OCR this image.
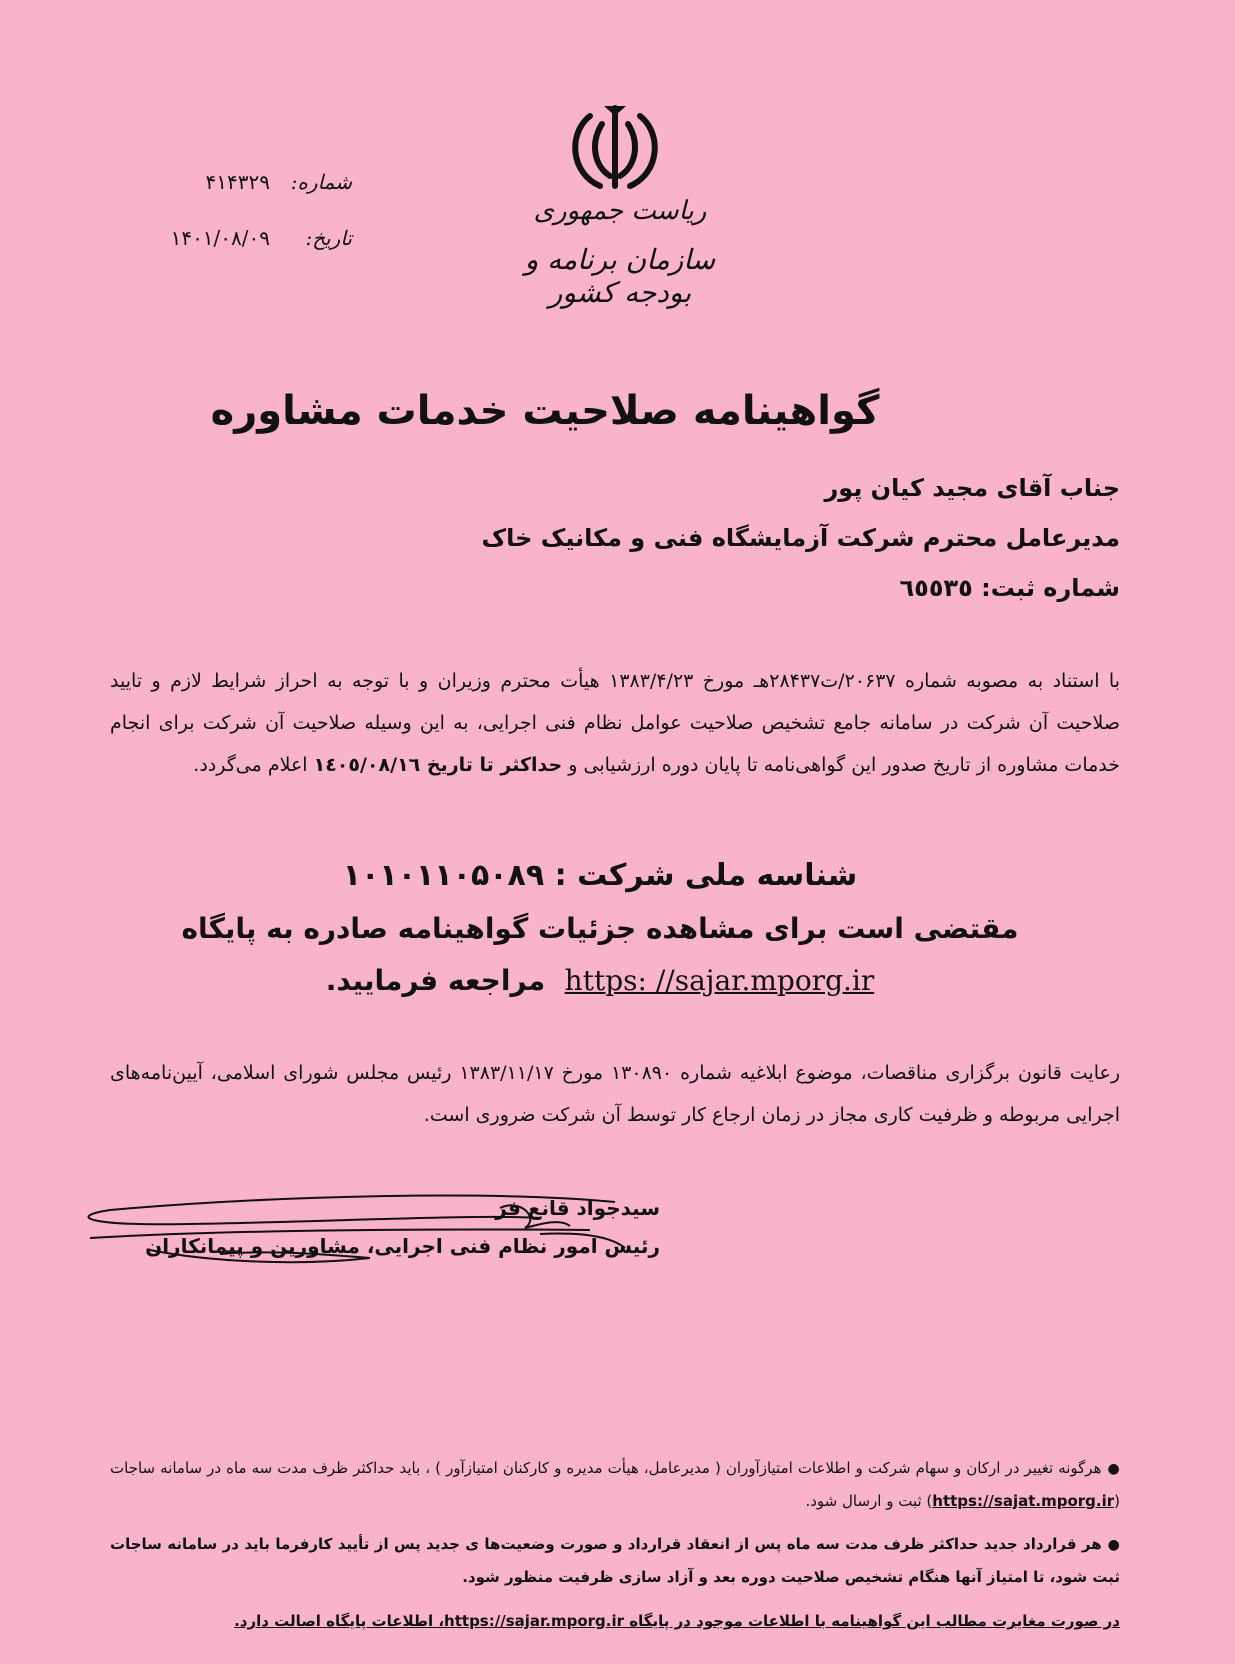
ریاست جمهوری
سازمان برنامه و بودجه کشور
شماره:
۴۱۴۳۲۹
تاریخ:
۱۴۰۱/۰۸/۰۹
گواهینامه صلاحیت خدمات مشاوره
جناب آقای مجید کیان پور
مدیرعامل محترم شرکت آزمایشگاه فنی و مکانیک خاک
شماره ثبت: ٦٥٥٣٥
با استناد به مصوبه شماره ۲۰۶۳۷/ت۲۸۴۳۷هـ مورخ ۱۳۸۳/۴/۲۳ هیأت محترم وزیران و با توجه به احراز شرایط لازم و تایید صلاحیت آن شرکت در سامانه جامع تشخیص صلاحیت عوامل نظام فنی اجرایی، به این وسیله صلاحیت آن شرکت برای انجام خدمات مشاوره از تاریخ صدور این گواهی‌نامه تا پایان دوره ارزشیابی و حداکثر تا تاریخ ١٤٠٥/٠٨/١٦ اعلام می‌گردد.
شناسه ملی شرکت : ۱۰۱۰۱۱۰۵۰۸۹
مقتضی است برای مشاهده جزئیات گواهینامه صادره به پایگاه
https: //sajar.mporg.ir  مراجعه فرمایید.
رعایت قانون برگزاری مناقصات، موضوع ابلاغیه شماره ۱۳۰۸۹۰ مورخ ۱۳۸۳/۱۱/۱۷ رئیس مجلس شورای اسلامی، آیین‌نامه‌های اجرایی مربوطه و ظرفیت کاری مجاز در زمان ارجاع کار توسط آن شرکت ضروری است.
سیدجواد قانع فر
رئیس امور نظام فنی اجرایی، مشاورین و پیمانکاران
●هرگونه تغییر در ارکان و سهام شرکت و اطلاعات امتیازآوران ( مدیرعامل، هیأت مدیره و کارکنان امتیازآور ) ، باید حداکثر ظرف مدت سه ماه در سامانه ساجات (https://sajat.mporg.ir) ثبت و ارسال شود.
●هر قرارداد جدید حداکثر ظرف مدت سه ماه پس از انعقاد قرارداد و صورت وضعیت‌ها ی جدید پس از تأیید کارفرما باید در سامانه ساجات ثبت شود، تا امتیاز آنها هنگام تشخیص صلاحیت دوره بعد و آزاد سازی ظرفیت منظور شود.
در صورت مغایرت مطالب این گواهینامه با اطلاعات موجود در پایگاه https://sajar.mporg.ir، اطلاعات پایگاه اصالت دارد.
